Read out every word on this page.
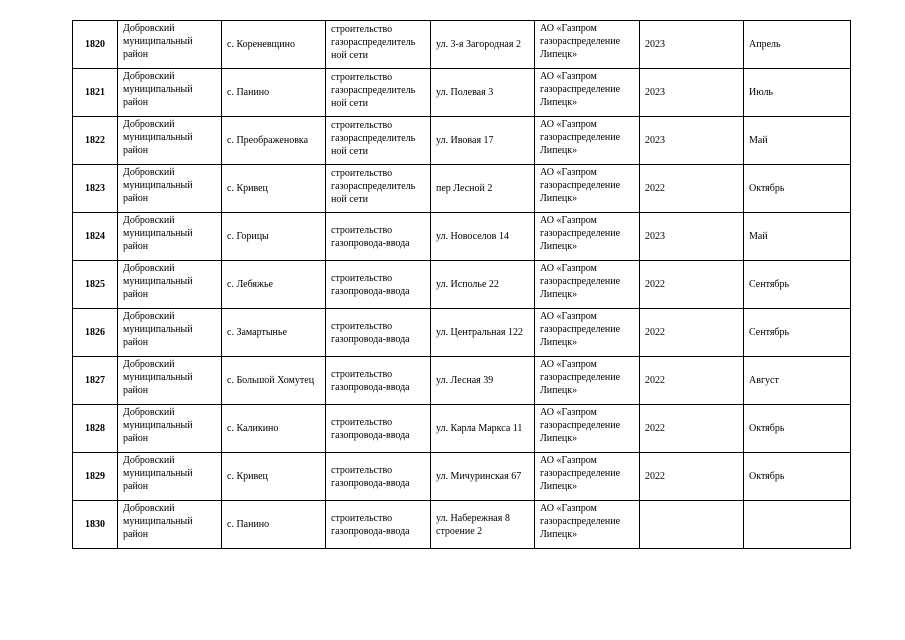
1820	Добровский муниципальный район	с. Кореневщино	строительство газораспределитель ной сети	ул. 3-я Загородная 2	АО «Газпром газораспределение Липецк»	2023	Апрель
1821	Добровский муниципальный район	с. Панино	строительство газораспределитель ной сети	ул. Полевая 3	АО «Газпром газораспределение Липецк»	2023	Июль
1822	Добровский муниципальный район	с. Преображеновка	строительство газораспределитель ной сети	ул. Ивовая 17	АО «Газпром газораспределение Липецк»	2023	Май
1823	Добровский муниципальный район	с. Кривец	строительство газораспределитель ной сети	пер Лесной 2	АО «Газпром газораспределение Липецк»	2022	Октябрь
1824	Добровский муниципальный район	с. Горицы	строительство газопровода-ввода	ул. Новоселов 14	АО «Газпром газораспределение Липецк»	2023	Май
1825	Добровский муниципальный район	с. Лебяжье	строительство газопровода-ввода	ул. Исполье 22	АО «Газпром газораспределение Липецк»	2022	Сентябрь
1826	Добровский муниципальный район	с. Замартынье	строительство газопровода-ввода	ул. Центральная 122	АО «Газпром газораспределение Липецк»	2022	Сентябрь
1827	Добровский муниципальный район	с. Большой Хомутец	строительство газопровода-ввода	ул. Лесная 39	АО «Газпром газораспределение Липецк»	2022	Август
1828	Добровский муниципальный район	с. Каликино	строительство газопровода-ввода	ул. Карла Маркса 11	АО «Газпром газораспределение Липецк»	2022	Октябрь
1829	Добровский муниципальный район	с. Кривец	строительство газопровода-ввода	ул. Мичуринская 67	АО «Газпром газораспределение Липецк»	2022	Октябрь
1830	Добровский муниципальный район	с. Панино	строительство газопровода-ввода	ул. Набережная 8 строение 2	АО «Газпром газораспределение Липецк»		
